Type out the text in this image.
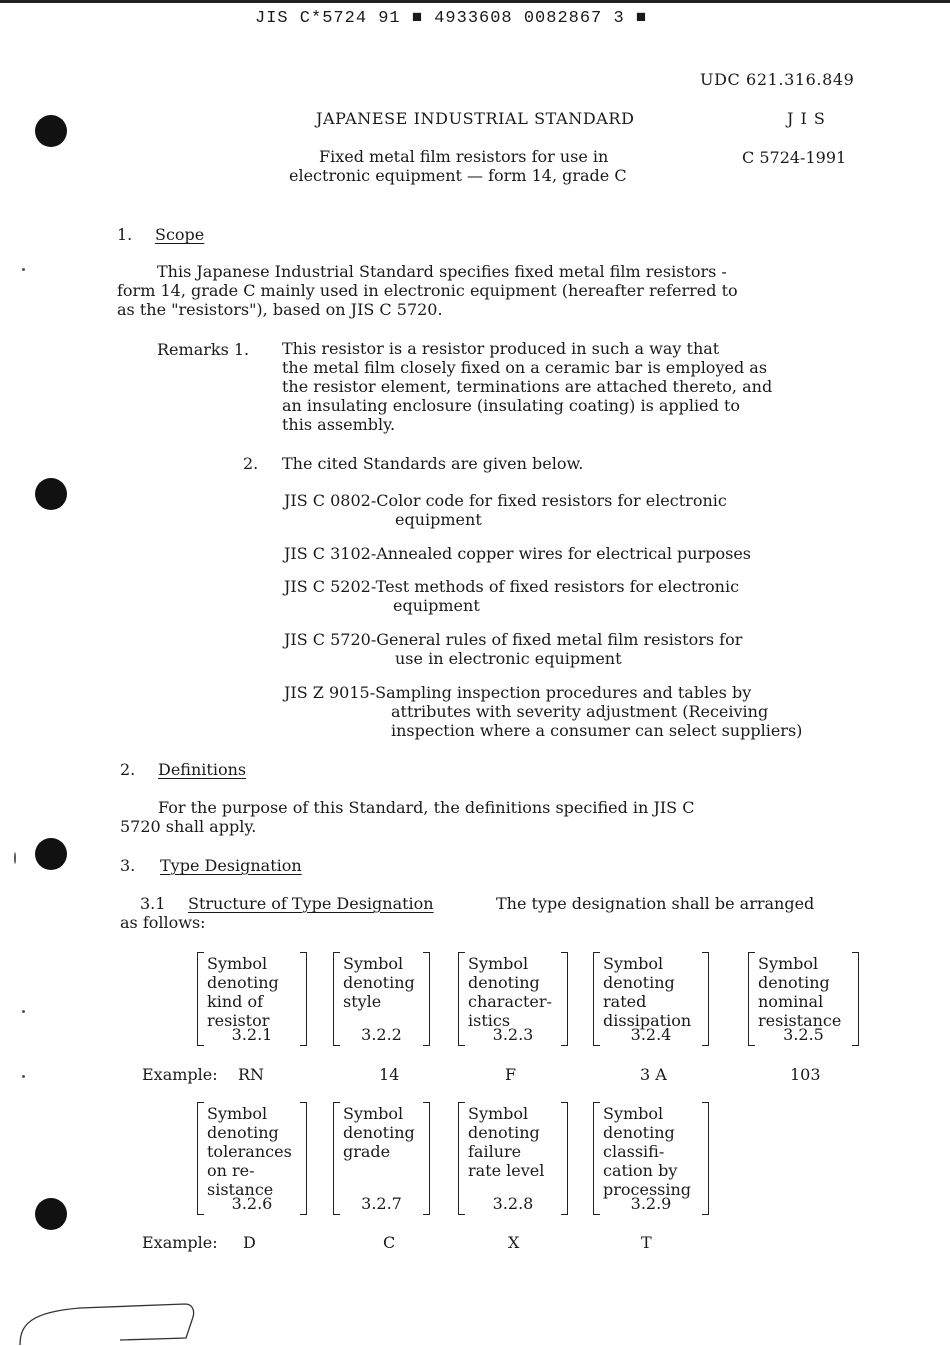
JIS C*5724 91 ■ 4933608 0082867 3 ■
UDC 621.316.849
JAPANESE INDUSTRIAL STANDARD	J I S
Fixed metal film resistors for use in
electronic equipment — form 14, grade C
C 5724-1991
1. Scope
This Japanese Industrial Standard specifies fixed metal film resistors -
form 14, grade C mainly used in electronic equipment (hereafter referred to
as the "resistors"), based on JIS C 5720.
Remarks 1. This resistor is a resistor produced in such a way that
the metal film closely fixed on a ceramic bar is employed as
the resistor element, terminations are attached thereto, and
an insulating enclosure (insulating coating) is applied to
this assembly.
2. The cited Standards are given below.
JIS C 0802-Color code for fixed resistors for electronic
equipment
JIS C 3102-Annealed copper wires for electrical purposes
JIS C 5202-Test methods of fixed resistors for electronic
equipment
JIS C 5720-General rules of fixed metal film resistors for
use in electronic equipment
JIS Z 9015-Sampling inspection procedures and tables by
attributes with severity adjustment (Receiving
inspection where a consumer can select suppliers)
2. Definitions
For the purpose of this Standard, the definitions specified in JIS C
5720 shall apply.
3. Type Designation
3.1 Structure of Type Designation	The type designation shall be arranged
as follows:
Symbol
denoting
kind of
resistor
3.2.1
Symbol
denoting
style
3.2.2
Symbol
denoting
character-
istics
3.2.3
Symbol
denoting
rated
dissipation
3.2.4
Symbol
denoting
nominal
resistance
3.2.5
Example: RN	14	F	3 A	103
Symbol
denoting
tolerances
on re-
sistance
3.2.6
Symbol
denoting
grade
3.2.7
Symbol
denoting
failure
rate level
3.2.8
Symbol
denoting
classifi-
cation by
processing
3.2.9
Example: D	C	X	T
